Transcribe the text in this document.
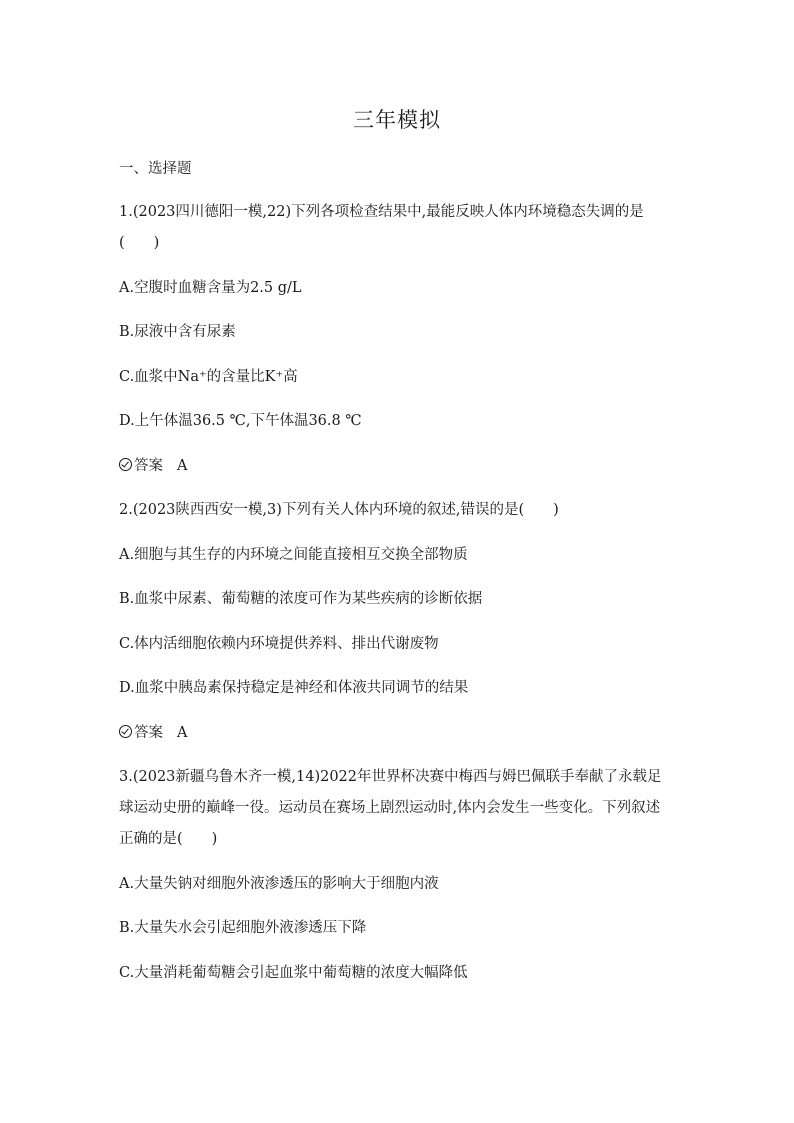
三年模拟
一、选择题
1.(2023四川德阳一模,22)下列各项检查结果中,最能反映人体内环境稳态失调的是
(　　)
A.空腹时血糖含量为2.5 g/L
B.尿液中含有尿素
C.血浆中Na⁺的含量比K⁺高
D.上午体温36.5 ℃,下午体温36.8 ℃
答案 A
2.(2023陕西西安一模,3)下列有关人体内环境的叙述,错误的是(　　)
A.细胞与其生存的内环境之间能直接相互交换全部物质
B.血浆中尿素、葡萄糖的浓度可作为某些疾病的诊断依据
C.体内活细胞依赖内环境提供养料、排出代谢废物
D.血浆中胰岛素保持稳定是神经和体液共同调节的结果
答案 A
3.(2023新疆乌鲁木齐一模,14)2022年世界杯决赛中梅西与姆巴佩联手奉献了永载足
球运动史册的巅峰一役。运动员在赛场上剧烈运动时,体内会发生一些变化。下列叙述
正确的是(　　)
A.大量失钠对细胞外液渗透压的影响大于细胞内液
B.大量失水会引起细胞外液渗透压下降
C.大量消耗葡萄糖会引起血浆中葡萄糖的浓度大幅降低
